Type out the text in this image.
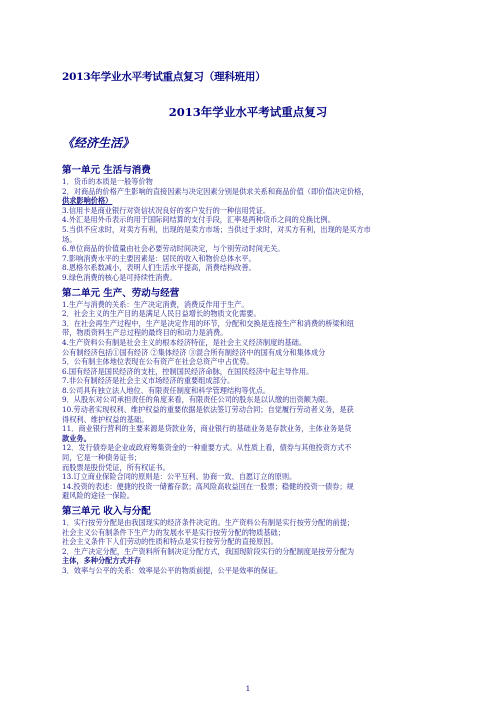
2013年学业水平考试重点复习（理科班用）
2013年学业水平考试重点复习
《经济生活》
第一单元 生活与消费

1．货币的本质是一般等价物

2．对商品的价格产生影响的直接因素与决定因素分别是供求关系和商品价值（即价值决定价格，

供求影响价格）

3.信用卡是商业银行对资信状况良好的客户发行的一种信用凭证。

4.外汇是用外币表示的用于国际间结算的支付手段，汇率是两种货币之间的兑换比例。

5.当供不应求时，对卖方有利，出现的是卖方市场；当供过于求时，对买方有利，出现的是买方市

场。

6.单位商品的价值量由社会必要劳动时间决定，与个别劳动时间无关。

7.影响消费水平的主要因素是：居民的收入和物价总体水平。

8.恩格尔系数减小，表明人们生活水平提高，消费结构改善。

9.绿色消费的核心是可持续性消费。

第二单元 生产、劳动与经营

1.生产与消费的关系：生产决定消费，消费反作用于生产。

2．社会主义的生产目的是满足人民日益增长的物质文化需要。

3．在社会再生产过程中，生产是决定作用的环节，分配和交换是连接生产和消费的桥梁和纽

带，物质资料生产总过程的最终目的和动力是消费。

4.生产资料公有制是社会主义的根本经济特征，是社会主义经济制度的基础。

公有制经济包括①国有经济 ②集体经济 ③混合所有制经济中的国有成分和集体成分

5．公有制主体地位表现在公有资产在社会总资产中占优势。

6.国有经济是国民经济的支柱，控制国民经济命脉，在国民经济中起主导作用。

7.非公有制经济是社会主义市场经济的重要组成部分。

8.公司具有独立法人地位、有限责任制度和科学管理结构等优点。

9．从股东对公司承担责任的角度来看，有限责任公司的股东是以认缴的出资额为限。

10.劳动者实现权利、维护权益的重要依据是依法签订劳动合同；自觉履行劳动者义务，是获

得权利、维护权益的基础。

11．商业银行营利的主要来源是贷款业务，商业银行的基础业务是存款业务，主体业务是贷

款业务。

12．发行债券是企业或政府筹集资金的一种重要方式。从性质上看，债券与其他投资方式不

同，它是一种债务证书；

而股票是股份凭证，所有权证书。

13.订立商业保险合同的原则是：公平互利、协商一致、自愿订立的原则。

14.投资的表述：便捷的投资一储蓄存款；高风险高收益回在一股票；稳健的投资一债券；规

避风险的途径一保险。

第三单元 收入与分配

1．实行按劳分配是由我国现实的经济条件决定的。生产资料公有制是实行按劳分配的前提；

社会主义公有制条件下生产力的发展水平是实行按劳分配的物质基础；

社会主义条件下人们劳动的性质和特点是实行按劳分配的直接原因。

2．生产决定分配，生产资料所有制决定分配方式，我国现阶段实行的分配制度是按劳分配为

主体，多种分配方式并存

3．效率与公平的关系：效率是公平的物质前提，公平是效率的保证。

1
